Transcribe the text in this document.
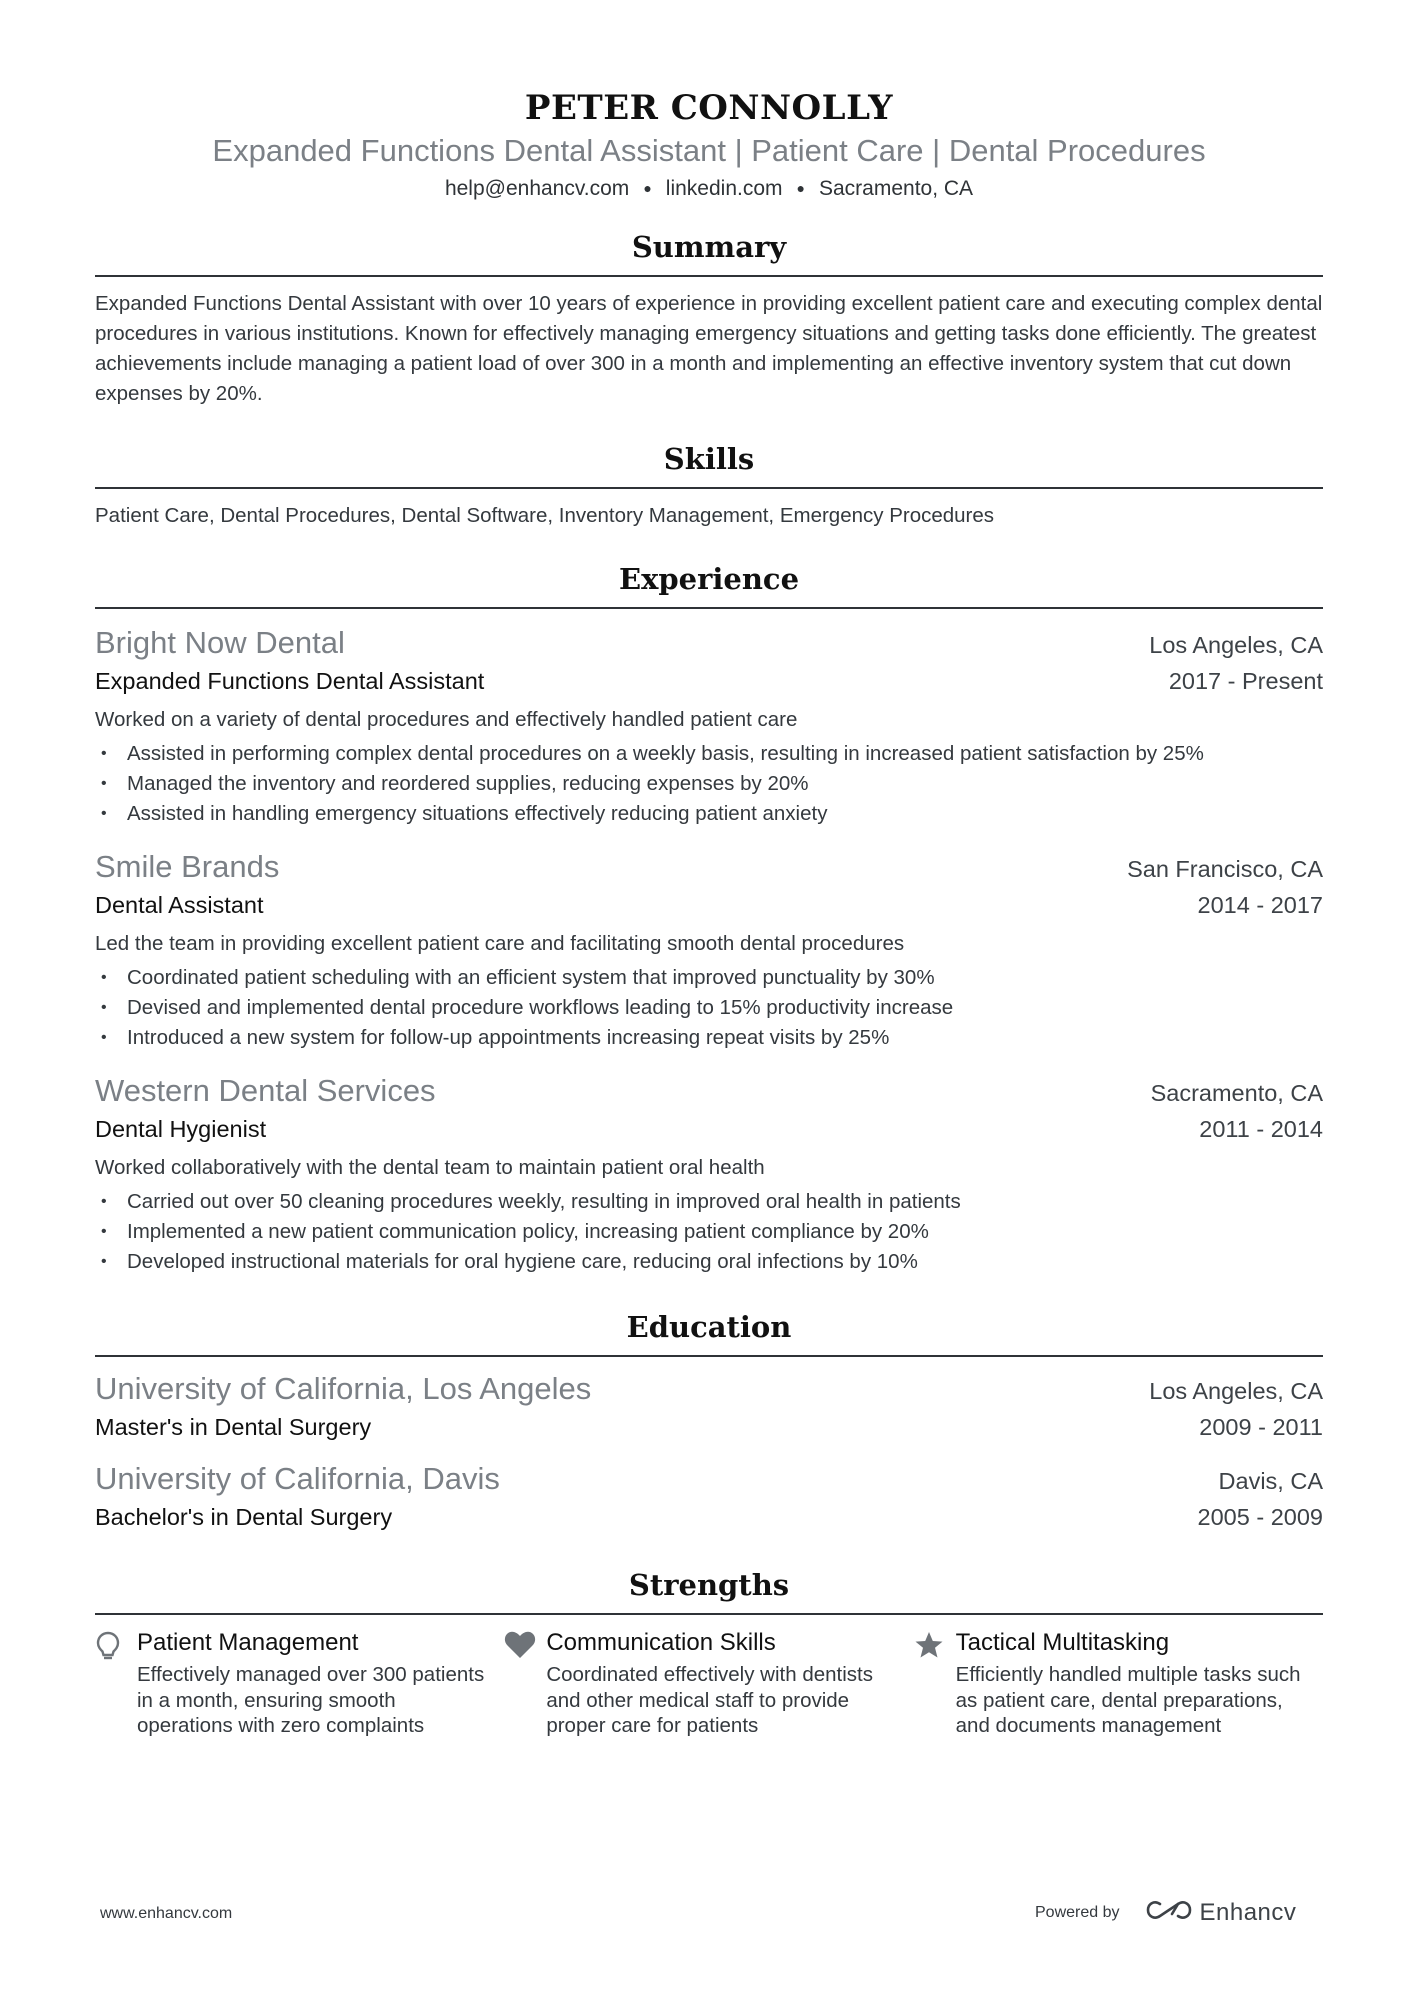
PETER CONNOLLY
Expanded Functions Dental Assistant | Patient Care | Dental Procedures
help@enhancv.com ● linkedin.com ● Sacramento, CA
Summary
Expanded Functions Dental Assistant with over 10 years of experience in providing excellent patient care and executing complex dental procedures in various institutions. Known for effectively managing emergency situations and getting tasks done efficiently. The greatest achievements include managing a patient load of over 300 in a month and implementing an effective inventory system that cut down expenses by 20%.
Skills
Patient Care, Dental Procedures, Dental Software, Inventory Management, Emergency Procedures
Experience
Bright Now Dental	Los Angeles, CA
Expanded Functions Dental Assistant	2017 - Present
Worked on a variety of dental procedures and effectively handled patient care
• Assisted in performing complex dental procedures on a weekly basis, resulting in increased patient satisfaction by 25%
• Managed the inventory and reordered supplies, reducing expenses by 20%
• Assisted in handling emergency situations effectively reducing patient anxiety
Smile Brands	San Francisco, CA
Dental Assistant	2014 - 2017
Led the team in providing excellent patient care and facilitating smooth dental procedures
• Coordinated patient scheduling with an efficient system that improved punctuality by 30%
• Devised and implemented dental procedure workflows leading to 15% productivity increase
• Introduced a new system for follow-up appointments increasing repeat visits by 25%
Western Dental Services	Sacramento, CA
Dental Hygienist	2011 - 2014
Worked collaboratively with the dental team to maintain patient oral health
• Carried out over 50 cleaning procedures weekly, resulting in improved oral health in patients
• Implemented a new patient communication policy, increasing patient compliance by 20%
• Developed instructional materials for oral hygiene care, reducing oral infections by 10%
Education
University of California, Los Angeles	Los Angeles, CA
Master's in Dental Surgery	2009 - 2011
University of California, Davis	Davis, CA
Bachelor's in Dental Surgery	2005 - 2009
Strengths
Patient Management
Effectively managed over 300 patients in a month, ensuring smooth operations with zero complaints
Communication Skills
Coordinated effectively with dentists and other medical staff to provide proper care for patients
Tactical Multitasking
Efficiently handled multiple tasks such as patient care, dental preparations, and documents management
www.enhancv.com	Powered by	Enhancv
